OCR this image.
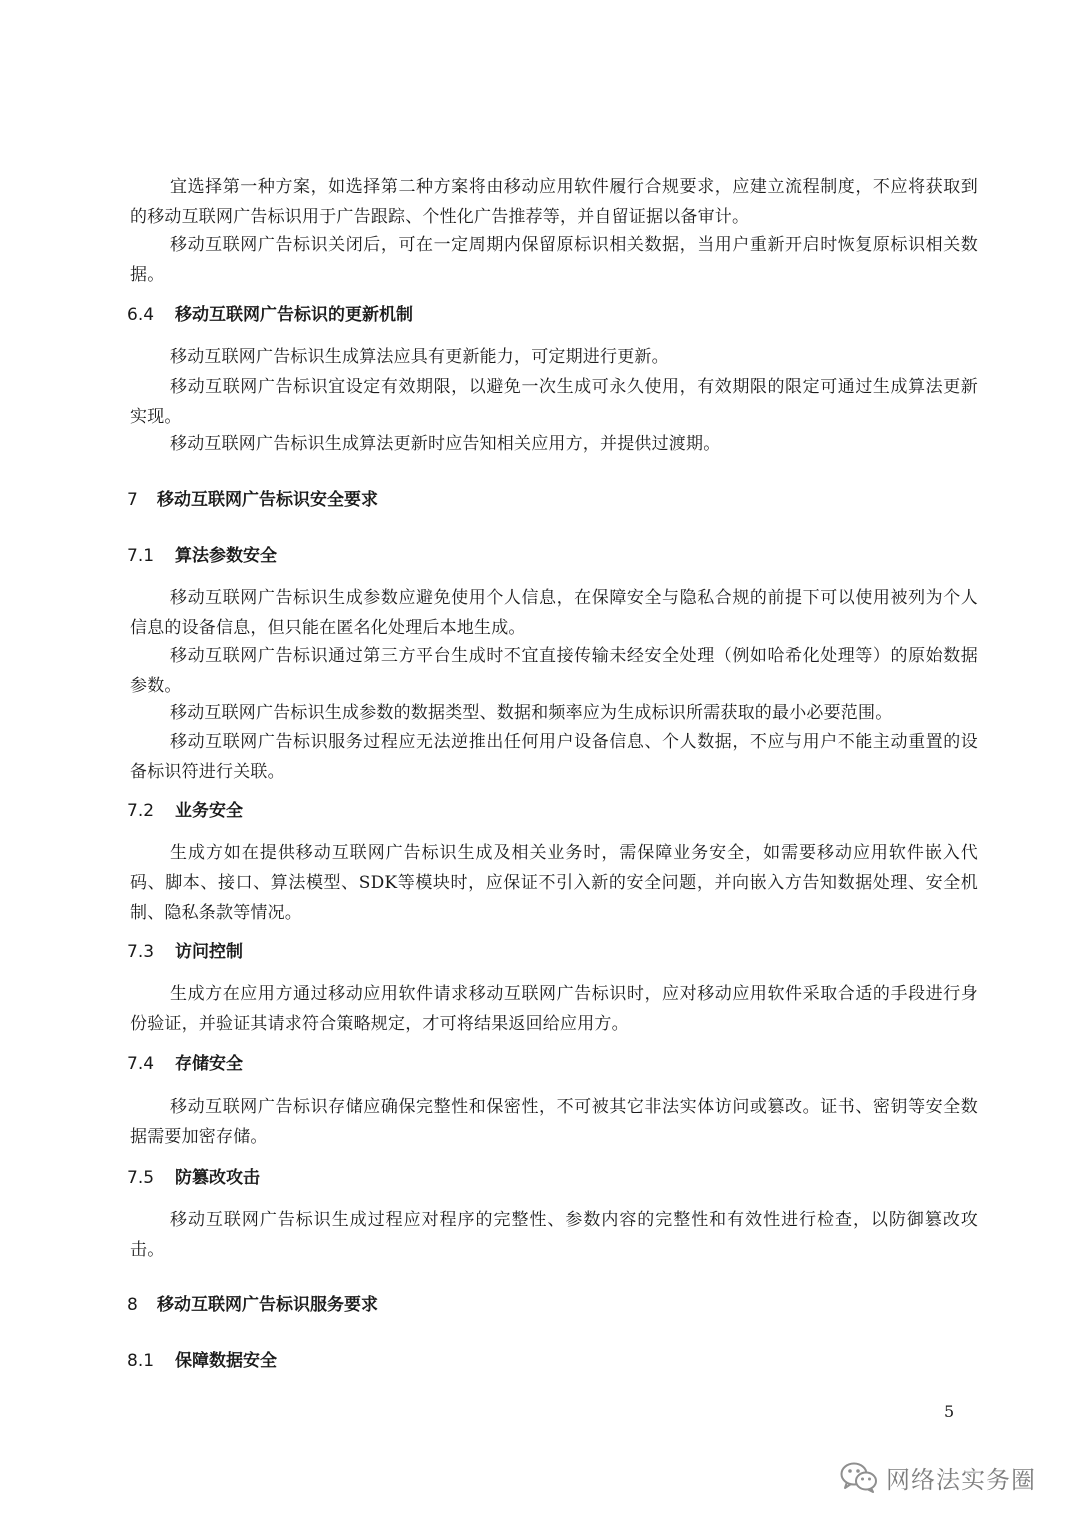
宜选择第一种方案，如选择第二种方案将由移动应用软件履行合规要求，应建立流程制度，不应将获取到的移动互联网广告标识用于广告跟踪、个性化广告推荐等，并自留证据以备审计。

移动互联网广告标识关闭后，可在一定周期内保留原标识相关数据，当用户重新开启时恢复原标识相关数据。

6.4 移动互联网广告标识的更新机制

移动互联网广告标识生成算法应具有更新能力，可定期进行更新。

移动互联网广告标识宜设定有效期限，以避免一次生成可永久使用，有效期限的限定可通过生成算法更新实现。

移动互联网广告标识生成算法更新时应告知相关应用方，并提供过渡期。

7 移动互联网广告标识安全要求
7.1 算法参数安全

移动互联网广告标识生成参数应避免使用个人信息，在保障安全与隐私合规的前提下可以使用被列为个人信息的设备信息，但只能在匿名化处理后本地生成。

移动互联网广告标识通过第三方平台生成时不宜直接传输未经安全处理（例如哈希化处理等）的原始数据参数。

移动互联网广告标识生成参数的数据类型、数据和频率应为生成标识所需获取的最小必要范围。

移动互联网广告标识服务过程应无法逆推出任何用户设备信息、个人数据，不应与用户不能主动重置的设备标识符进行关联。

7.2 业务安全

生成方如在提供移动互联网广告标识生成及相关业务时，需保障业务安全，如需要移动应用软件嵌入代码、脚本、接口、算法模型、SDK等模块时，应保证不引入新的安全问题，并向嵌入方告知数据处理、安全机制、隐私条款等情况。

7.3 访问控制

生成方在应用方通过移动应用软件请求移动互联网广告标识时，应对移动应用软件采取合适的手段进行身份验证，并验证其请求符合策略规定，才可将结果返回给应用方。

7.4 存储安全

移动互联网广告标识存储应确保完整性和保密性，不可被其它非法实体访问或篡改。证书、密钥等安全数据需要加密存储。

7.5 防篡改攻击

移动互联网广告标识生成过程应对程序的完整性、参数内容的完整性和有效性进行检查，以防御篡改攻击。

8 移动互联网广告标识服务要求
8.1 保障数据安全
5
网络法实务圈
